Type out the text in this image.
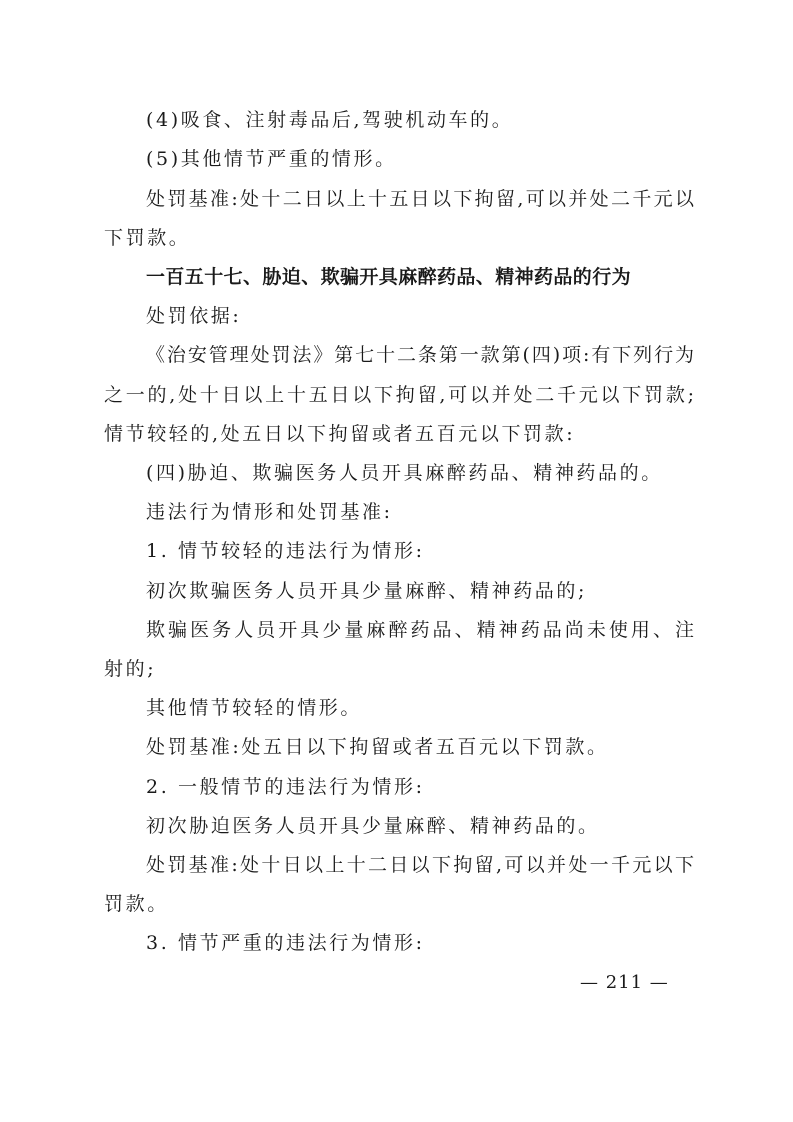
(4)吸食、注射毒品后,驾驶机动车的。
(5)其他情节严重的情形。
处罚基准:处十二日以上十五日以下拘留,可以并处二千元以
下罚款。
一百五十七、胁迫、欺骗开具麻醉药品、精神药品的行为
处罚依据:
《治安管理处罚法》第七十二条第一款第(四)项:有下列行为
之一的,处十日以上十五日以下拘留,可以并处二千元以下罚款;
情节较轻的,处五日以下拘留或者五百元以下罚款:
(四)胁迫、欺骗医务人员开具麻醉药品、精神药品的。
违法行为情形和处罚基准:
1. 情节较轻的违法行为情形:
初次欺骗医务人员开具少量麻醉、精神药品的;
欺骗医务人员开具少量麻醉药品、精神药品尚未使用、注
射的;
其他情节较轻的情形。
处罚基准:处五日以下拘留或者五百元以下罚款。
2. 一般情节的违法行为情形:
初次胁迫医务人员开具少量麻醉、精神药品的。
处罚基准:处十日以上十二日以下拘留,可以并处一千元以下
罚款。
3. 情节严重的违法行为情形:
— 211 —
